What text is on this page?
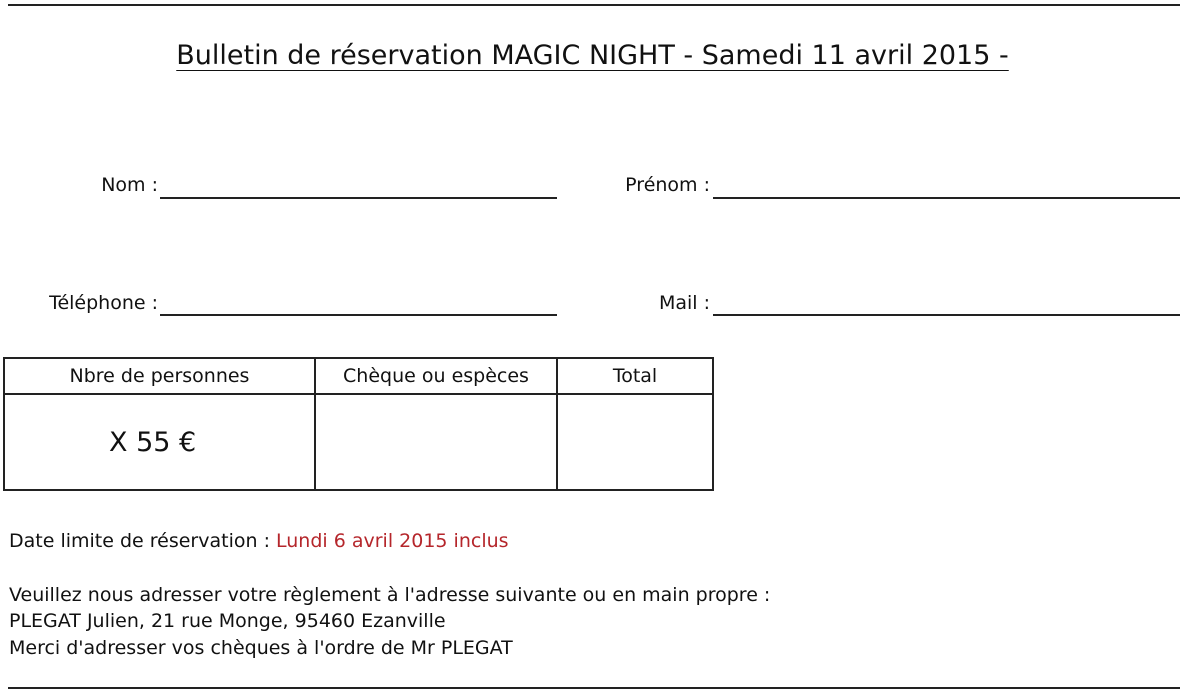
Bulletin de réservation MAGIC NIGHT - Samedi 11 avril 2015 -
Nom :	Prénom :
Téléphone :	Mail :
Nbre de personnes	Chèque ou espèces	Total
X 55 €		
Date limite de réservation : Lundi 6 avril 2015 inclus
Veuillez nous adresser votre règlement à l'adresse suivante ou en main propre :
PLEGAT Julien, 21 rue Monge, 95460 Ezanville
Merci d'adresser vos chèques à l'ordre de Mr PLEGAT
